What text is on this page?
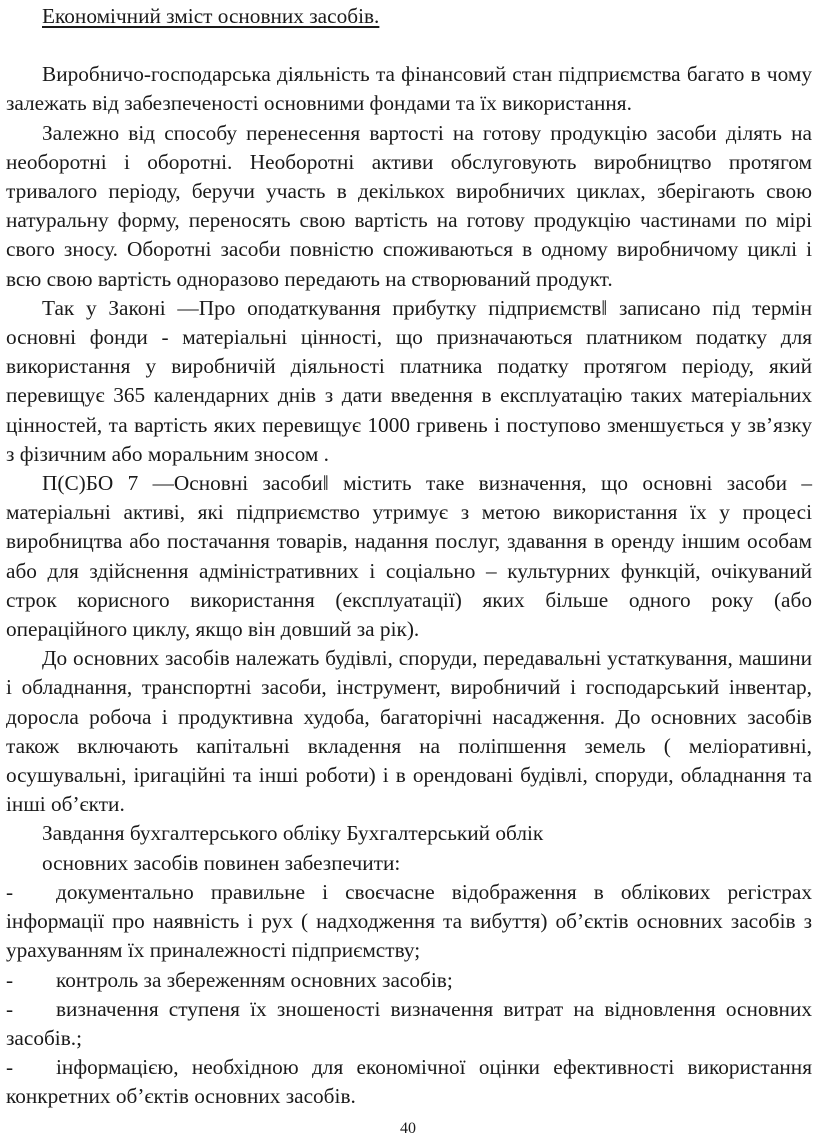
Економічний зміст основних засобів.

Виробничо-господарська діяльність та фінансовий стан підприємства багато в чому залежать від забезпеченості основними фондами та їх використання.

Залежно від способу перенесення вартості на готову продукцію засоби ділять на необоротні і оборотні. Необоротні активи обслуговують виробництво протягом тривалого періоду, беручи участь в декількох виробничих циклах, зберігають свою натуральну форму, переносять свою вартість на готову продукцію частинами по мірі свого зносу. Оборотні засоби повністю споживаються в одному виробничому циклі і всю свою вартість одноразово передають на створюваний продукт.

Так у Законі ―Про оподаткування прибутку підприємств‖ записано під термін основні фонди - матеріальні цінності, що призначаються платником податку для використання у виробничій діяльності платника податку протягом періоду, який перевищує 365 календарних днів з дати введення в експлуатацію таких матеріальних цінностей, та вартість яких перевищує 1000 гривень і поступово зменшується у зв’язку з фізичним або моральним зносом .

П(С)БО 7 ―Основні засоби‖ містить таке визначення, що основні засоби – матеріальні активі, які підприємство утримує з метою використання їх у процесі виробництва або постачання товарів, надання послуг, здавання в оренду іншим особам або для здійснення адміністративних і соціально – культурних функцій, очікуваний строк корисного використання (експлуатації) яких більше одного року (або операційного циклу, якщо він довший за рік).

До основних засобів належать будівлі, споруди, передавальні устаткування, машини і обладнання, транспортні засоби, інструмент, виробничий і господарський інвентар, доросла робоча і продуктивна худоба, багаторічні насадження. До основних засобів також включають капітальні вкладення на поліпшення земель ( меліоративні, осушувальні, іригаційні та інші роботи) і в орендовані будівлі, споруди, обладнання та інші об’єкти.

Завдання бухгалтерського обліку Бухгалтерський облік

основних засобів повинен забезпечити:

- документально правильне і своєчасне відображення в облікових регістрах інформації про наявність і рух ( надходження та вибуття) об’єктів основних засобів з урахуванням їх приналежності підприємству;

- контроль за збереженням основних засобів;

- визначення ступеня їх зношеності визначення витрат на відновлення основних засобів.;

- інформацією, необхідною для економічної оцінки ефективності використання конкретних об’єктів основних засобів.

40
